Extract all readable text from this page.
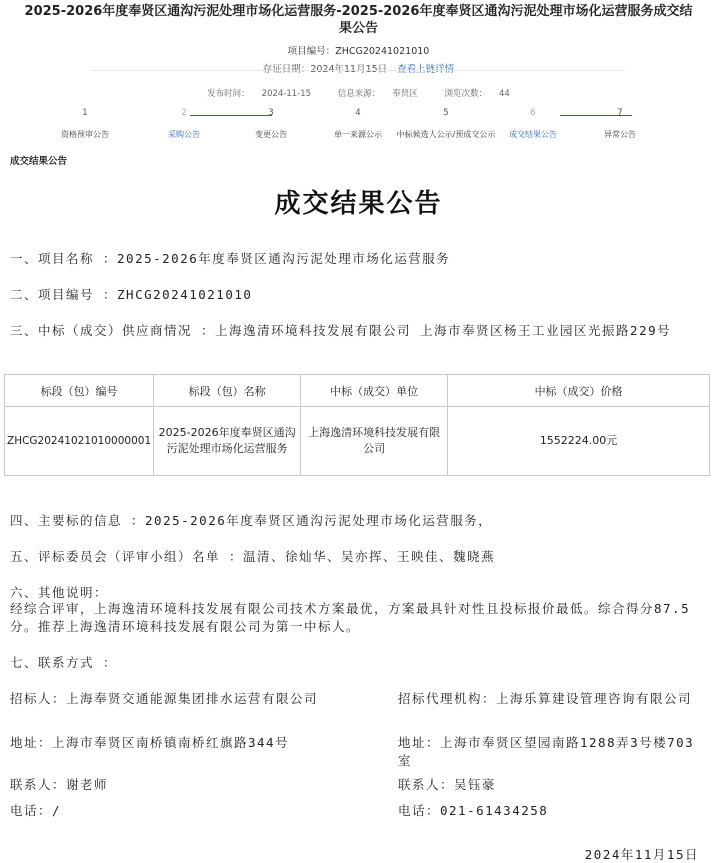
2025-2026年度奉贤区通沟污泥处理市场化运营服务-2025-2026年度奉贤区通沟污泥处理市场化运营服务成交结果公告
项目编号：ZHCG20241021010
存证日期：2024年11月15日 查看上链详情
发布时间： 2024-11-15	信息来源： 奉贤区	浏览次数： 44
1
资格预审公告
2
采购公告
3
变更公告
4
单一来源公示
5
中标候选人公示/预成交公示
6
成交结果公告
7
异常公告
成交结果公告
成交结果公告
一、项目名称 ：2025-2026年度奉贤区通沟污泥处理市场化运营服务
二、项目编号 ：ZHCG20241021010
三、中标（成交）供应商情况 ：上海逸清环境科技发展有限公司 上海市奉贤区杨王工业园区光振路229号
标段（包）编号	标段（包）名称	中标（成交）单位	中标（成交）价格
ZHCG20241021010000001	2025-2026年度奉贤区通沟污泥处理市场化运营服务	上海逸清环境科技发展有限公司	1552224.00元
四、主要标的信息 ：2025-2026年度奉贤区通沟污泥处理市场化运营服务，
五、评标委员会（评审小组）名单 ：温清、徐灿华、吴亦挥、王映佳、魏晓燕
六、其他说明：
经综合评审，上海逸清环境科技发展有限公司技术方案最优，方案最具针对性且投标报价最低。综合得分87.5分。推荐上海逸清环境科技发展有限公司为第一中标人。
七、联系方式 ：
招标人：上海奉贤交通能源集团排水运营有限公司	招标代理机构：上海乐算建设管理咨询有限公司
地址：上海市奉贤区南桥镇南桥红旗路344号	地址：上海市奉贤区望园南路1288弄3号楼703室
联系人：谢老师	联系人：吴钰豪
电话：/	电话：021-61434258
2024年11月15日
